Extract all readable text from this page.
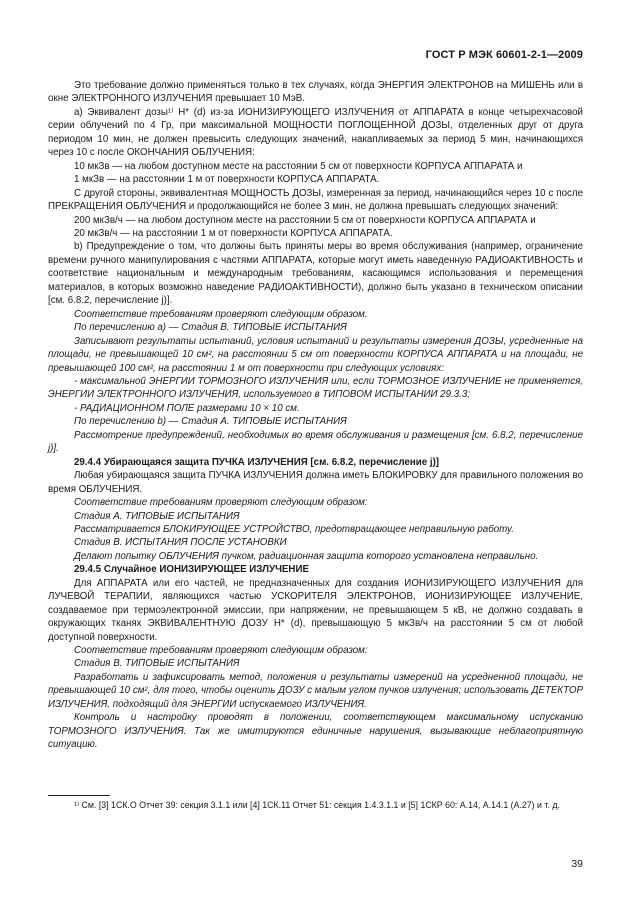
ГОСТ Р МЭК 60601-2-1—2009

Это требование должно применяться только в тех случаях, когда ЭНЕРГИЯ ЭЛЕКТРОНОВ на МИШЕНЬ или в окне ЭЛЕКТРОННОГО ИЗЛУЧЕНИЯ превышает 10 МэВ.

а) Эквивалент дозы¹⁾ H* (d) из-за ИОНИЗИРУЮЩЕГО ИЗЛУЧЕНИЯ от АППАРАТА в конце четырехчасовой серии облучений по 4 Гр, при максимальной МОЩНОСТИ ПОГЛОЩЕННОЙ ДОЗЫ, отделенных друг от друга периодом 10 мин, не должен превысить следующих значений, накапливаемых за период 5 мин, начинающихся через 10 с после ОКОНЧАНИЯ ОБЛУЧЕНИЯ:

10 мкЗв — на любом доступном месте на расстоянии 5 см от поверхности КОРПУСА АППАРАТА и

1 мкЗв — на расстоянии 1 м от поверхности КОРПУСА АППАРАТА.

С другой стороны, эквивалентная МОЩНОСТЬ ДОЗЫ, измеренная за период, начинающийся через 10 с после ПРЕКРАЩЕНИЯ ОБЛУЧЕНИЯ и продолжающийся не более 3 мин, не должна превышать следующих значений:

200 мкЗв/ч — на любом доступном месте на расстоянии 5 см от поверхности КОРПУСА АППАРАТА и

20 мкЗв/ч — на расстоянии 1 м от поверхности КОРПУСА АППАРАТА.

b) Предупреждение о том, что должны быть приняты меры во время обслуживания (например, ограничение времени ручного манипулирования с частями АППАРАТА, которые могут иметь наведенную РАДИОАКТИВНОСТЬ и соответствие национальным и международным требованиям, касающимся использования и перемещения материалов, в которых возможно наведение РАДИОАКТИВНОСТИ), должно быть указано в техническом описании [см. 6.8.2, перечисление j)].

Соответствие требованиям проверяют следующим образом.

По перечислению a) — Стадия B. ТИПОВЫЕ ИСПЫТАНИЯ

Записывают результаты испытаний, условия испытаний и результаты измерения ДОЗЫ, усредненные на площади, не превышающей 10 см², на расстоянии 5 см от поверхности КОРПУСА АППАРАТА и на площади, не превышающей 100 см², на расстоянии 1 м от поверхности при следующих условиях:

- максимальной ЭНЕРГИИ ТОРМОЗНОГО ИЗЛУЧЕНИЯ или, если ТОРМОЗНОЕ ИЗЛУЧЕНИЕ не применяется, ЭНЕРГИИ ЭЛЕКТРОННОГО ИЗЛУЧЕНИЯ, используемого в ТИПОВОМ ИСПЫТАНИИ 29.3.3;

- РАДИАЦИОННОМ ПОЛЕ размерами 10 × 10 см.

По перечислению b) — Стадия А. ТИПОВЫЕ ИСПЫТАНИЯ

Рассмотрение предупреждений, необходимых во время обслуживания и размещения [см. 6.8.2, перечисление j)].

29.4.4 Убирающаяся защита ПУЧКА ИЗЛУЧЕНИЯ [см. 6.8.2, перечисление j)]

Любая убирающаяся защита ПУЧКА ИЗЛУЧЕНИЯ должна иметь БЛОКИРОВКУ для правильного положения во время ОБЛУЧЕНИЯ.

Соответствие требованиям проверяют следующим образом:

Стадия А. ТИПОВЫЕ ИСПЫТАНИЯ

Рассматривается БЛОКИРУЮЩЕЕ УСТРОЙСТВО, предотвращающее неправильную работу.

Стадия B. ИСПЫТАНИЯ ПОСЛЕ УСТАНОВКИ

Делают попытку ОБЛУЧЕНИЯ пучком, радиационная защита которого установлена неправильно.

29.4.5 Случайное ИОНИЗИРУЮЩЕЕ ИЗЛУЧЕНИЕ

Для АППАРАТА или его частей, не предназначенных для создания ИОНИЗИРУЮЩЕГО ИЗЛУЧЕНИЯ для ЛУЧЕВОЙ ТЕРАПИИ, являющихся частью УСКОРИТЕЛЯ ЭЛЕКТРОНОВ, ИОНИЗИРУЮЩЕЕ ИЗЛУЧЕНИЕ, создаваемое при термоэлектронной эмиссии, при напряжении, не превышающем 5 кВ, не должно создавать в окружающих тканях ЭКВИВАЛЕНТНУЮ ДОЗУ H* (d), превышающую 5 мкЗв/ч на расстоянии 5 см от любой доступной поверхности.

Соответствие требованиям проверяют следующим образом:

Стадия B. ТИПОВЫЕ ИСПЫТАНИЯ

Разработать и зафиксировать метод, положения и результаты измерений на усредненной площади, не превышающей 10 см², для того, чтобы оценить ДОЗУ с малым углом пучков излучения; использовать ДЕТЕКТОР ИЗЛУЧЕНИЯ, подходящий для ЭНЕРГИИ испускаемого ИЗЛУЧЕНИЯ.

Контроль и настройку проводят в положении, соответствующем максимальному испусканию ТОРМОЗНОГО ИЗЛУЧЕНИЯ. Так же имитируются единичные нарушения, вызывающие неблагоприятную ситуацию.

¹⁾ См. [3] 1СК.О Отчет 39: секция 3.1.1 или [4] 1СК.11 Отчет 51: секция 1.4.3.1.1 и [5] 1СКР 60: А.14, А.14.1 (А.27) и т. д.
39
